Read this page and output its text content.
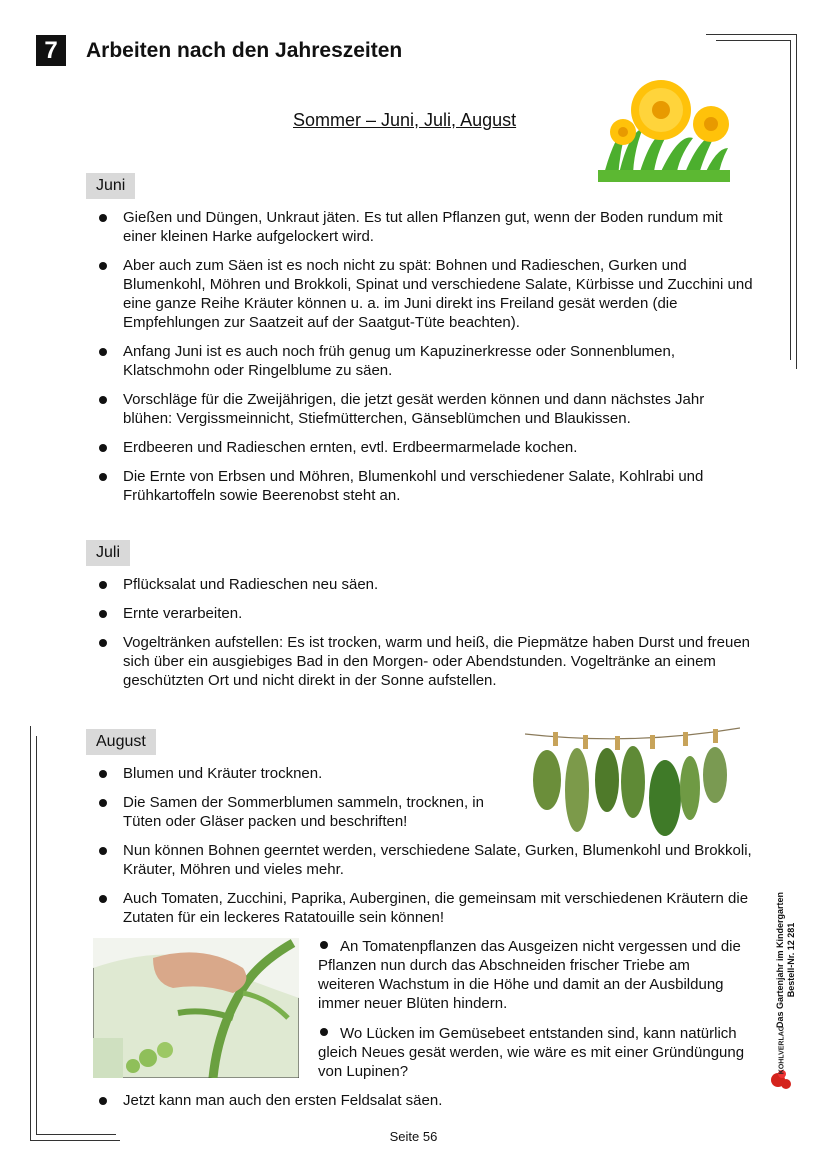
7	Arbeiten nach den Jahreszeiten
Sommer – Juni, Juli, August
Juni
Gießen und Düngen, Unkraut jäten. Es tut allen Pflanzen gut, wenn der Boden rundum mit einer kleinen Harke aufgelockert wird.
Aber auch zum Säen ist es noch nicht zu spät: Bohnen und Radieschen, Gurken und Blumenkohl, Möhren und Brokkoli, Spinat und verschiedene Salate, Kürbisse und Zucchini und eine ganze Reihe Kräuter können u. a. im Juni direkt ins Freiland gesät werden (die Empfehlungen zur Saatzeit auf der Saatgut-Tüte beachten).
Anfang Juni ist es auch noch früh genug um Kapuzinerkresse oder Sonnenblumen, Klatschmohn oder Ringelblume zu säen.
Vorschläge für die Zweijährigen, die jetzt gesät werden können und dann nächstes Jahr blühen: Vergissmeinnicht, Stiefmütterchen, Gänseblümchen und Blaukissen.
Erdbeeren und Radieschen ernten, evtl. Erdbeermarmelade kochen.
Die Ernte von Erbsen und Möhren, Blumenkohl und verschiedener Salate, Kohlrabi und Frühkartoffeln sowie Beerenobst steht an.
Juli
Pflücksalat und Radieschen neu säen.
Ernte verarbeiten.
Vogeltränken aufstellen: Es ist trocken, warm und heiß, die Piepmätze haben Durst und freuen sich über ein ausgiebiges Bad in den Morgen- oder Abendstunden. Vogeltränke an einem geschützten Ort und nicht direkt in der Sonne aufstellen.
August
Blumen und Kräuter trocknen.
Die Samen der Sommerblumen sammeln, trocknen, in Tüten oder Gläser packen und beschriften!
Nun können Bohnen geerntet werden, verschiedene Salate, Gurken, Blumenkohl und Brokkoli, Kräuter, Möhren und vieles mehr.
Auch Tomaten, Zucchini, Paprika, Auberginen, die gemeinsam mit verschiedenen Kräutern die Zutaten für ein leckeres Ratatouille sein können!
An Tomatenpflanzen das Ausgeizen nicht vergessen und die Pflanzen nun durch das Abschneiden frischer Triebe am weiteren Wachstum in die Höhe und damit an der Ausbildung immer neuer Blüten hindern.
Wo Lücken im Gemüsebeet entstanden sind, kann natürlich gleich Neues gesät werden, wie wäre es mit einer Gründüngung von Lupinen?
Jetzt kann man auch den ersten Feldsalat säen.
Das Gartenjahr im Kindergarten
Bestell-Nr. 12 281
KOHLVERLAG
Seite 56
